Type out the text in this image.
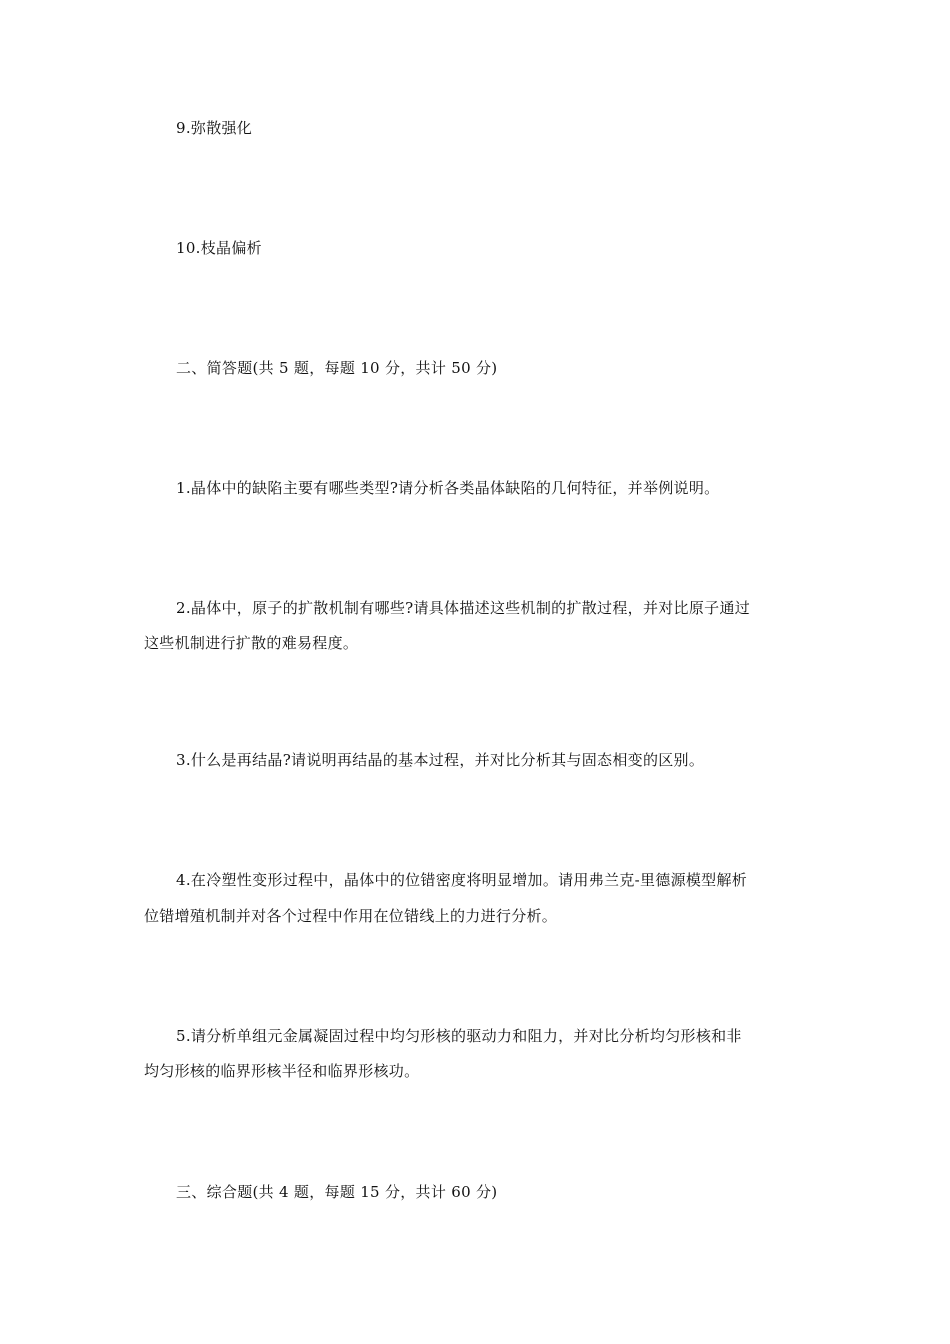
9.弥散强化
10.枝晶偏析
二、简答题(共 5 题，每题 10 分，共计 50 分)
1.晶体中的缺陷主要有哪些类型?请分析各类晶体缺陷的几何特征，并举例说明。
2.晶体中，原子的扩散机制有哪些?请具体描述这些机制的扩散过程，并对比原子通过
这些机制进行扩散的难易程度。
3.什么是再结晶?请说明再结晶的基本过程，并对比分析其与固态相变的区别。
4.在冷塑性变形过程中，晶体中的位错密度将明显增加。请用弗兰克-里德源模型解析
位错增殖机制并对各个过程中作用在位错线上的力进行分析。
5.请分析单组元金属凝固过程中均匀形核的驱动力和阻力，并对比分析均匀形核和非
均匀形核的临界形核半径和临界形核功。
三、综合题(共 4 题，每题 15 分，共计 60 分)
